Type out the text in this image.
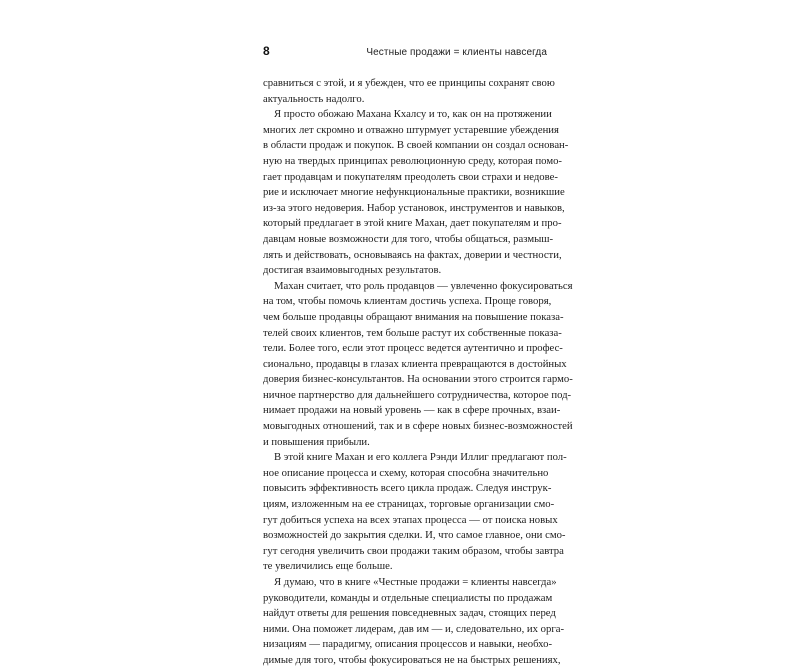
8	Честные продажи = клиенты навсегда
сравниться с этой, и я убежден, что ее принципы сохранят свою
актуальность надолго.
Я просто обожаю Махана Кхалсу и то, как он на протяжении
многих лет скромно и отважно штурмует устаревшие убеждения
в области продаж и покупок. В своей компании он создал основан-
ную на твердых принципах революционную среду, которая помо-
гает продавцам и покупателям преодолеть свои страхи и недове-
рие и исключает многие нефункциональные практики, возникшие
из-за этого недоверия. Набор установок, инструментов и навыков,
который предлагает в этой книге Махан, дает покупателям и про-
давцам новые возможности для того, чтобы общаться, размыш-
лять и действовать, основываясь на фактах, доверии и честности,
достигая взаимовыгодных результатов.
Махан считает, что роль продавцов — увлеченно фокусироваться
на том, чтобы помочь клиентам достичь успеха. Проще говоря,
чем больше продавцы обращают внимания на повышение показа-
телей своих клиентов, тем больше растут их собственные показа-
тели. Более того, если этот процесс ведется аутентично и профес-
сионально, продавцы в глазах клиента превращаются в достойных
доверия бизнес-консультантов. На основании этого строится гармо-
ничное партнерство для дальнейшего сотрудничества, которое под-
нимает продажи на новый уровень — как в сфере прочных, взаи-
мовыгодных отношений, так и в сфере новых бизнес-возможностей
и повышения прибыли.
В этой книге Махан и его коллега Рэнди Иллиг предлагают пол-
ное описание процесса и схему, которая способна значительно
повысить эффективность всего цикла продаж. Следуя инструк-
циям, изложенным на ее страницах, торговые организации смо-
гут добиться успеха на всех этапах процесса — от поиска новых
возможностей до закрытия сделки. И, что самое главное, они смо-
гут сегодня увеличить свои продажи таким образом, чтобы завтра
те увеличились еще больше.
Я думаю, что в книге «Честные продажи = клиенты навсегда»
руководители, команды и отдельные специалисты по продажам
найдут ответы для решения повседневных задач, стоящих перед
ними. Она поможет лидерам, дав им — и, следовательно, их орга-
низациям — парадигму, описания процессов и навыки, необхо-
димые для того, чтобы фокусироваться не на быстрых решениях,
